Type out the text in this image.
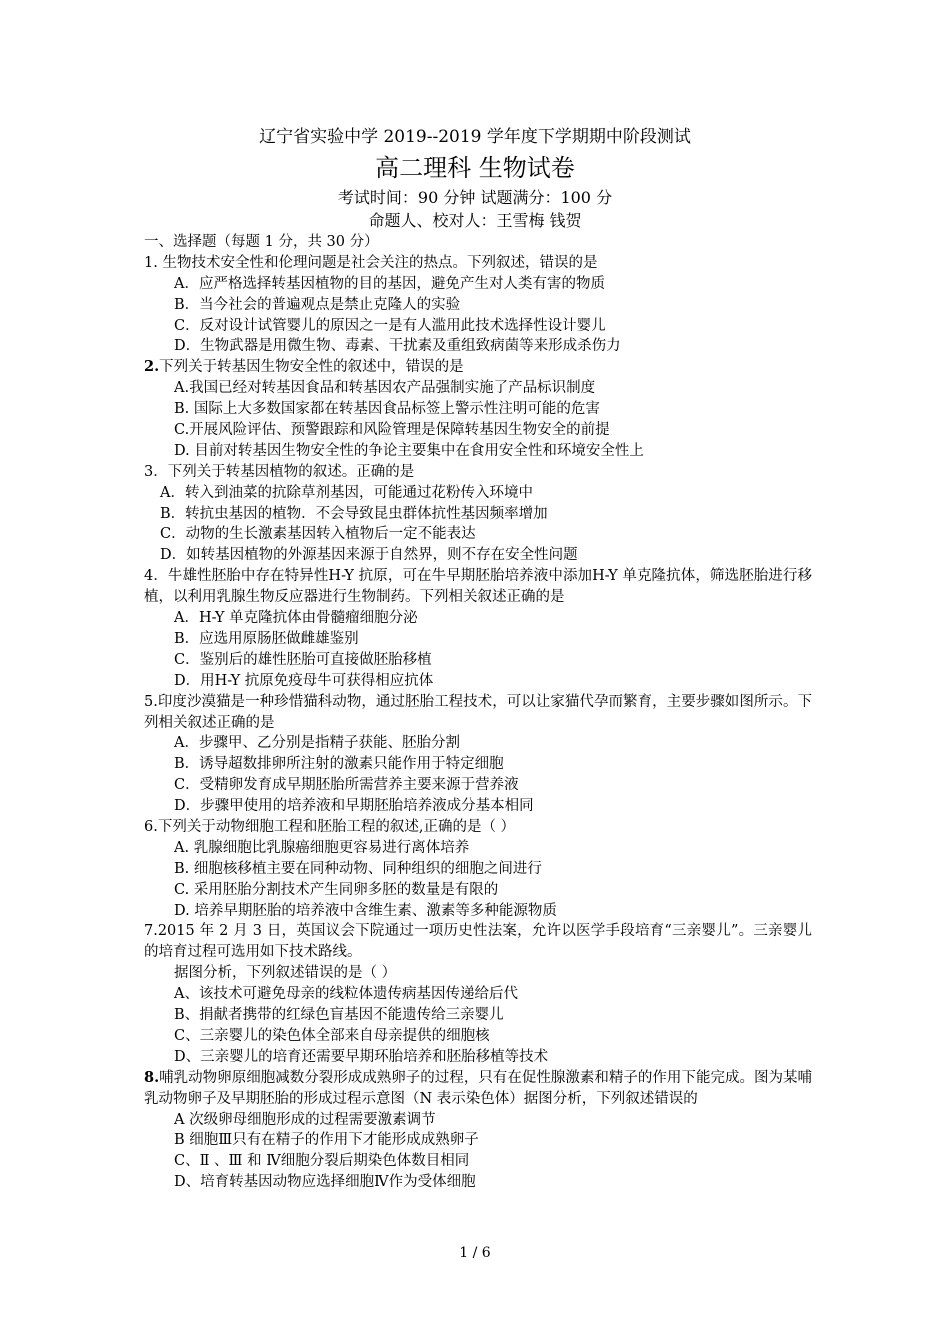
辽宁省实验中学 2019--2019 学年度下学期期中阶段测试
高二理科 生物试卷
考试时间：90 分钟 试题满分：100 分
命题人、校对人：王雪梅 钱贺
一、选择题（每题 1 分，共 30 分）
1. 生物技术安全性和伦理问题是社会关注的热点。下列叙述，错误的是
A．应严格选择转基因植物的目的基因，避免产生对人类有害的物质
B．当今社会的普遍观点是禁止克隆人的实验
C．反对设计试管婴儿的原因之一是有人滥用此技术选择性设计婴儿
D．生物武器是用微生物、毒素、干扰素及重组致病菌等来形成杀伤力
2.下列关于转基因生物安全性的叙述中，错误的是
A.我国已经对转基因食品和转基因农产品强制实施了产品标识制度
B. 国际上大多数国家都在转基因食品标签上警示性注明可能的危害
C.开展风险评估、预警跟踪和风险管理是保障转基因生物安全的前提
D. 目前对转基因生物安全性的争论主要集中在食用安全性和环境安全性上
3．下列关于转基因植物的叙述。正确的是
A．转入到油菜的抗除草剂基因，可能通过花粉传入环境中
B．转抗虫基因的植物．不会导致昆虫群体抗性基因频率增加
C．动物的生长激素基因转入植物后一定不能表达
D．如转基因植物的外源基因来源于自然界，则不存在安全性问题
4．牛雄性胚胎中存在特异性H-Y 抗原，可在牛早期胚胎培养液中添加H-Y 单克隆抗体，筛选胚胎进行移植，以利用乳腺生物反应器进行生物制药。下列相关叙述正确的是
A．H-Y 单克隆抗体由骨髓瘤细胞分泌
B．应选用原肠胚做雌雄鉴别
C．鉴别后的雄性胚胎可直接做胚胎移植
D．用H-Y 抗原免疫母牛可获得相应抗体
5.印度沙漠猫是一种珍惜猫科动物，通过胚胎工程技术，可以让家猫代孕而繁育，主要步骤如图所示。下列相关叙述正确的是
A．步骤甲、乙分别是指精子获能、胚胎分割
B．诱导超数排卵所注射的激素只能作用于特定细胞
C．受精卵发育成早期胚胎所需营养主要来源于营养液
D．步骤甲使用的培养液和早期胚胎培养液成分基本相同
6.下列关于动物细胞工程和胚胎工程的叙述,正确的是（ ）
A. 乳腺细胞比乳腺癌细胞更容易进行离体培养
B. 细胞核移植主要在同种动物、同种组织的细胞之间进行
C. 采用胚胎分割技术产生同卵多胚的数量是有限的
D. 培养早期胚胎的培养液中含维生素、激素等多种能源物质
7.2015 年 2 月 3 日，英国议会下院通过一项历史性法案，允许以医学手段培育“三亲婴儿”。三亲婴儿的培育过程可选用如下技术路线。
据图分析，下列叙述错误的是（ ）
A、该技术可避免母亲的线粒体遗传病基因传递给后代
B、捐献者携带的红绿色盲基因不能遗传给三亲婴儿
C、三亲婴儿的染色体全部来自母亲提供的细胞核
D、三亲婴儿的培育还需要早期环胎培养和胚胎移植等技术
8.哺乳动物卵原细胞减数分裂形成成熟卵子的过程，只有在促性腺激素和精子的作用下能完成。图为某哺乳动物卵子及早期胚胎的形成过程示意图（N 表示染色体）据图分析，下列叙述错误的
A 次级卵母细胞形成的过程需要激素调节
B 细胞Ⅲ只有在精子的作用下才能形成成熟卵子
C、Ⅱ 、Ⅲ 和 Ⅳ细胞分裂后期染色体数目相同
D、培育转基因动物应选择细胞Ⅳ作为受体细胞
1 / 6
